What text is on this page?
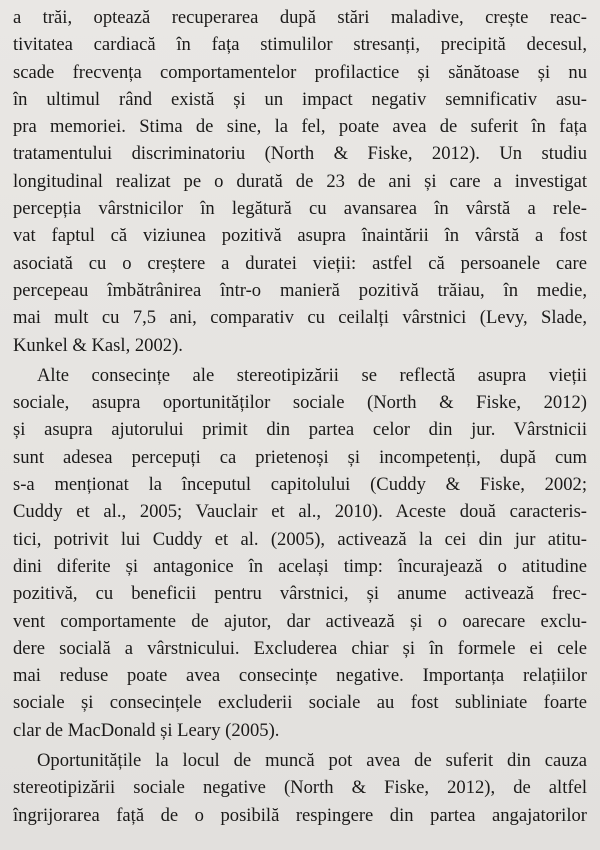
a trăi, optează recuperarea după stări maladive, crește reac-
tivitatea cardiacă în fața stimulilor stresanți, precipită decesul,
scade frecvența comportamentelor profilactice și sănătoase și nu
în ultimul rând există și un impact negativ semnificativ asu-
pra memoriei. Stima de sine, la fel, poate avea de suferit în fața
tratamentului discriminatoriu (North & Fiske, 2012). Un studiu
longitudinal realizat pe o durată de 23 de ani și care a investigat
percepția vârstnicilor în legătură cu avansarea în vârstă a rele-
vat faptul că viziunea pozitivă asupra înaintării în vârstă a fost
asociată cu o creștere a duratei vieții: astfel că persoanele care
percepeau îmbătrânirea într-o manieră pozitivă trăiau, în medie,
mai mult cu 7,5 ani, comparativ cu ceilalți vârstnici (Levy, Slade,
Kunkel & Kasl, 2002).
Alte consecințe ale stereotipizării se reflectă asupra vieții
sociale, asupra oportunităților sociale (North & Fiske, 2012)
și asupra ajutorului primit din partea celor din jur. Vârstnicii
sunt adesea percepuți ca prietenoși și incompetenți, după cum
s-a menționat la începutul capitolului (Cuddy & Fiske, 2002;
Cuddy et al., 2005; Vauclair et al., 2010). Aceste două caracteris-
tici, potrivit lui Cuddy et al. (2005), activează la cei din jur atitu-
dini diferite și antagonice în același timp: încurajează o atitudine
pozitivă, cu beneficii pentru vârstnici, și anume activează frec-
vent comportamente de ajutor, dar activează și o oarecare exclu-
dere socială a vârstnicului. Excluderea chiar și în formele ei cele
mai reduse poate avea consecințe negative. Importanța relațiilor
sociale și consecințele excluderii sociale au fost subliniate foarte
clar de MacDonald și Leary (2005).
Oportunitățile la locul de muncă pot avea de suferit din cauza
stereotipizării sociale negative (North & Fiske, 2012), de altfel
îngrijorarea față de o posibilă respingere din partea angajatorilor
